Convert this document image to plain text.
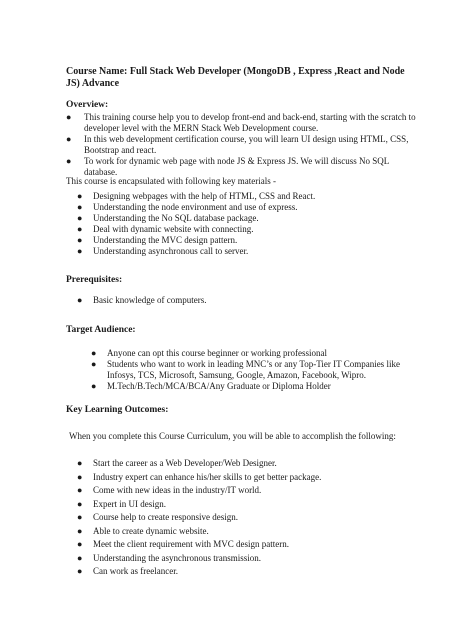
Course Name: Full Stack Web Developer (MongoDB , Express ,React and Node JS) Advance
Overview:
● This training course help you to develop front-end and back-end, starting with the scratch to developer level with the MERN Stack Web Development course.
● In this web development certification course, you will learn UI design using HTML, CSS, Bootstrap and react.
● To work for dynamic web page with node JS & Express JS. We will discuss No SQL database.
This course is encapsulated with following key materials -
● Designing webpages with the help of HTML, CSS and React.
● Understanding the node environment and use of express.
● Understanding the No SQL database package.
● Deal with dynamic website with connecting.
● Understanding the MVC design pattern.
● Understanding asynchronous call to server.
Prerequisites:
● Basic knowledge of computers.
Target Audience:
● Anyone can opt this course beginner or working professional
● Students who want to work in leading MNC’s or any Top-Tier IT Companies like Infosys, TCS, Microsoft, Samsung, Google, Amazon, Facebook, Wipro.
● M.Tech/B.Tech/MCA/BCA/Any Graduate or Diploma Holder
Key Learning Outcomes:
When you complete this Course Curriculum, you will be able to accomplish the following:
● Start the career as a Web Developer/Web Designer.
● Industry expert can enhance his/her skills to get better package.
● Come with new ideas in the industry/IT world.
● Expert in UI design.
● Course help to create responsive design.
● Able to create dynamic website.
● Meet the client requirement with MVC design pattern.
● Understanding the asynchronous transmission.
● Can work as freelancer.
